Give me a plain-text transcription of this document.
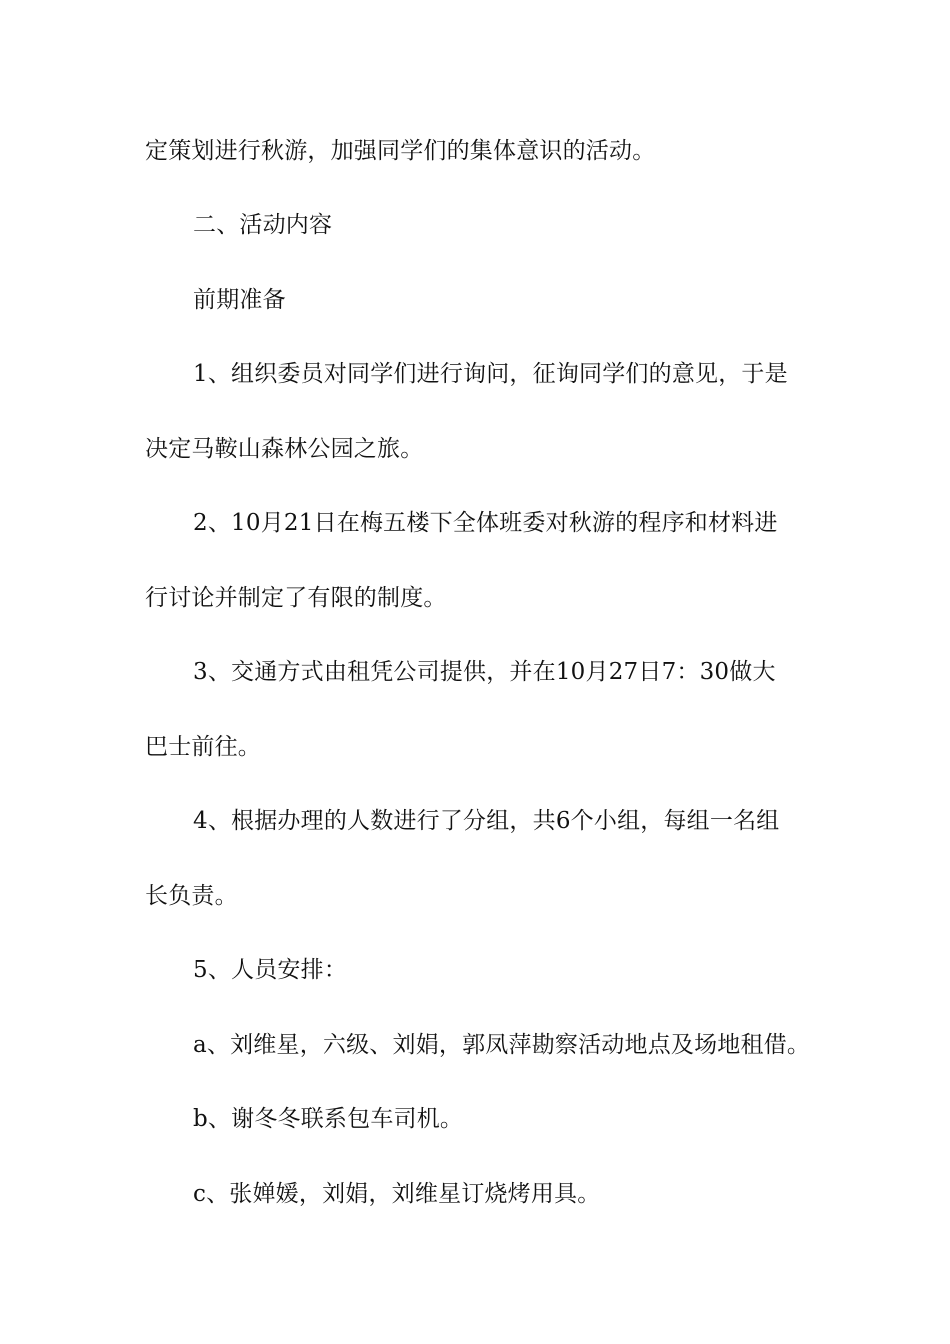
定策划进行秋游，加强同学们的集体意识的活动。
二、活动内容
前期准备
1、组织委员对同学们进行询问，征询同学们的意见，于是
决定马鞍山森林公园之旅。
2、10月21日在梅五楼下全体班委对秋游的程序和材料进
行讨论并制定了有限的制度。
3、交通方式由租凭公司提供，并在10月27日7：30做大
巴士前往。
4、根据办理的人数进行了分组，共6个小组，每组一名组
长负责。
5、人员安排：
a、刘维星，六级、刘娟，郭凤萍勘察活动地点及场地租借。
b、谢冬冬联系包车司机。
c、张婵媛，刘娟，刘维星订烧烤用具。
